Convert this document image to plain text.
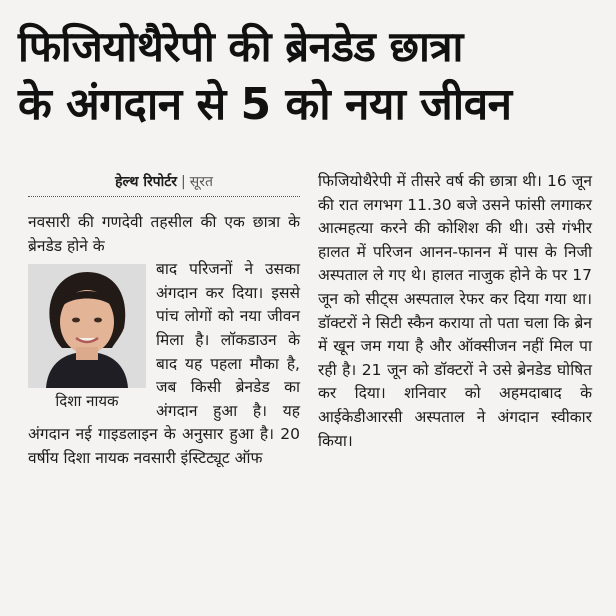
फिजियोथैरेपी की ब्रेनडेड छात्रा
के अंगदान से 5 को नया जीवन
हेल्थ रिपोर्टर | सूरत

नवसारी की गणदेवी तहसील की एक छात्रा के ब्रेनडेड होने के

दिशा नायक

बाद परिजनों ने उसका अंगदान कर दिया। इससे पांच लोगों को नया जीवन मिला है। लॉकडाउन के बाद यह पहला मौका है, जब किसी ब्रेनडेड का अंगदान हुआ है। यह अंगदान नई गाइडलाइन के अनुसार हुआ है। 20 वर्षीय दिशा नायक नवसारी इंस्टिट्यूट ऑफ

फिजियोथैरेपी में तीसरे वर्ष की छात्रा थी। 16 जून की रात लगभग 11.30 बजे उसने फांसी लगाकर आत्महत्या करने की कोशिश की थी। उसे गंभीर हालत में परिजन आनन-फानन में पास के निजी अस्पताल ले गए थे। हालत नाजुक होने के पर 17 जून को सीट्स अस्पताल रेफर कर दिया गया था। डॉक्टरों ने सिटी स्कैन कराया तो पता चला कि ब्रेन में खून जम गया है और ऑक्सीजन नहीं मिल पा रही है। 21 जून को डॉक्टरों ने उसे ब्रेनडेड घोषित कर दिया। शनिवार को अहमदाबाद के आईकेडीआरसी अस्पताल ने अंगदान स्वीकार किया।
